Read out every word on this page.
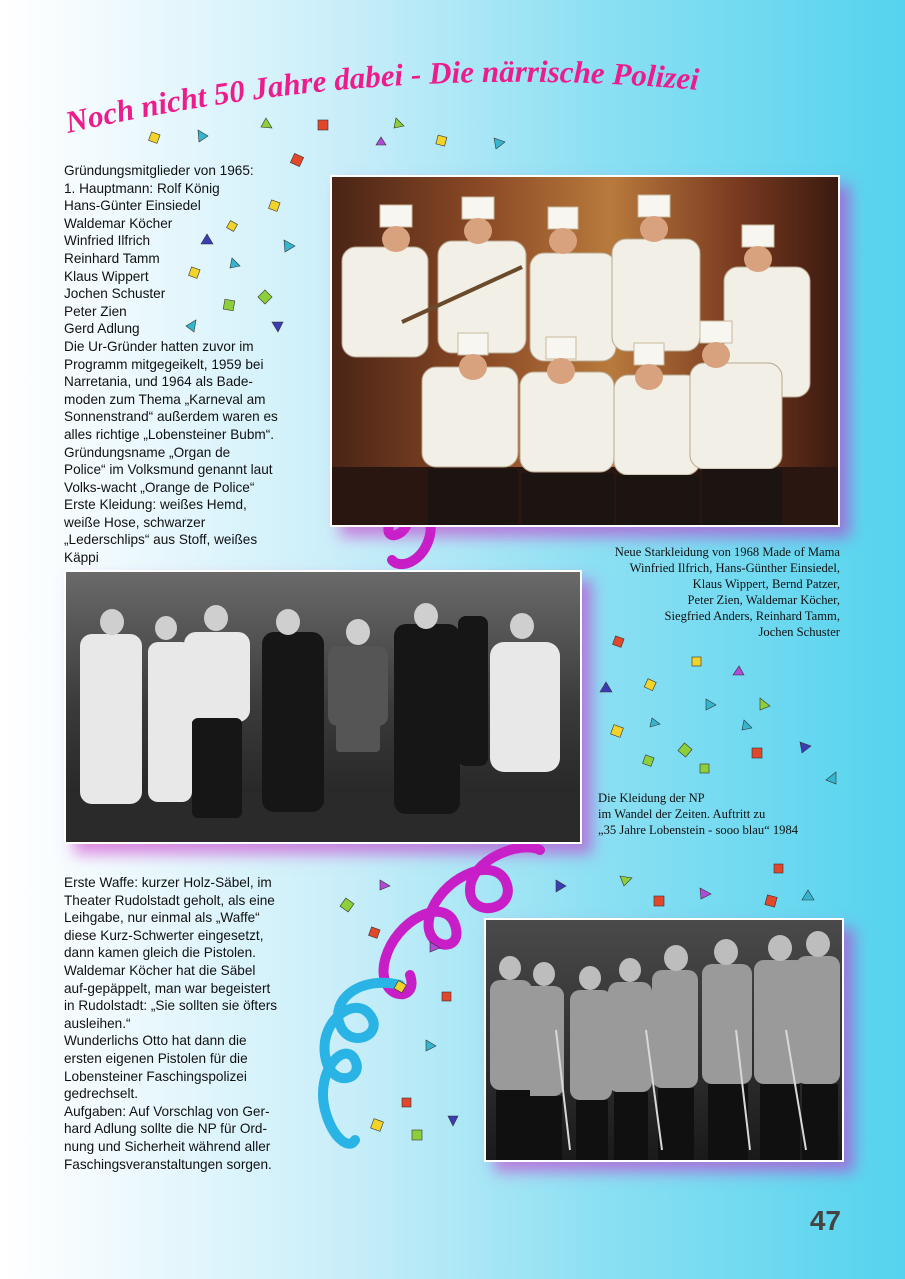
Noch nicht 50 Jahre dabei - Die närrische Polizei
Gründungsmitglieder von 1965:
1. Hauptmann: Rolf König
Hans-Günter Einsiedel
Waldemar Köcher
Winfried Ilfrich
Reinhard Tamm
Klaus Wippert
Jochen Schuster
Peter Zien
Gerd Adlung
Die Ur-Gründer hatten zuvor im
Programm mitgegeikelt, 1959 bei
Narretania, und 1964 als Bade-
moden zum Thema „Karneval am
Sonnenstrand“ außerdem waren es
alles richtige „Lobensteiner Bubm“.
Gründungsname „Organ de
Police“ im Volksmund genannt laut
Volks-wacht „Orange de Police“
Erste Kleidung: weißes Hemd,
weiße Hose, schwarzer
„Lederschlips“ aus Stoff, weißes
Käppi	Neue Starkleidung von 1968 Made of Mama
Winfried Ilfrich, Hans-Günther Einsiedel,
Klaus Wippert, Bernd Patzer,
Peter Zien, Waldemar Köcher,
Siegfried Anders, Reinhard Tamm,
Jochen Schuster
Die Kleidung der NP
im Wandel der Zeiten. Auftritt zu
„35 Jahre Lobenstein - sooo blau“ 1984
Erste Waffe: kurzer Holz-Säbel, im
Theater Rudolstadt geholt, als eine
Leihgabe, nur einmal als „Waffe“
diese Kurz-Schwerter eingesetzt,
dann kamen gleich die Pistolen.
Waldemar Köcher hat die Säbel
auf-gepäppelt, man war begeistert
in Rudolstadt: „Sie sollten sie öfters
ausleihen.“
Wunderlichs Otto hat dann die
ersten eigenen Pistolen für die
Lobensteiner Faschingspolizei
gedrechselt.
Aufgaben: Auf Vorschlag von Ger-
hard Adlung sollte die NP für Ord-
nung und Sicherheit während aller
Faschingsveranstaltungen sorgen.
47
